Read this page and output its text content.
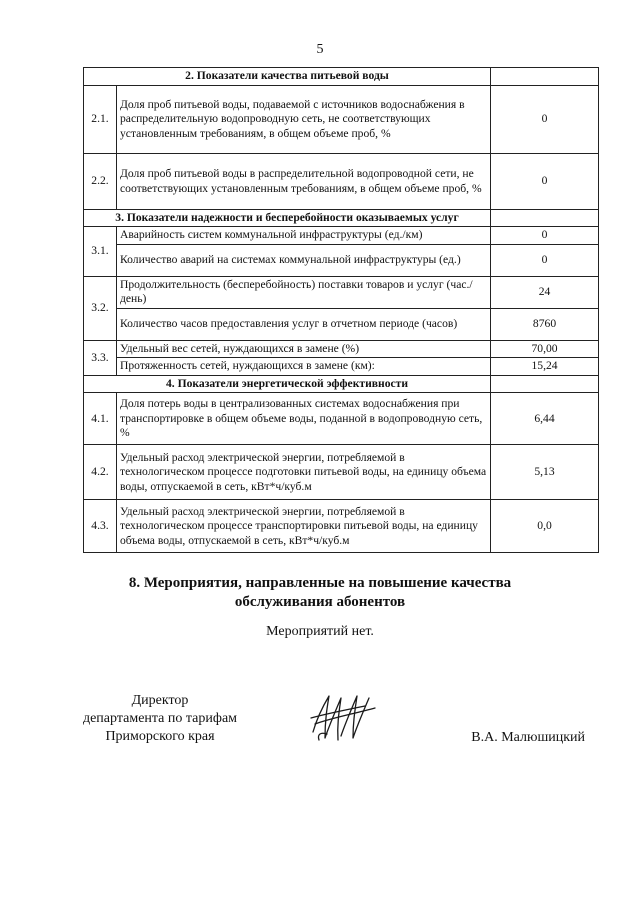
5
2. Показатели качества питьевой воды		
2.1.	Доля проб питьевой воды, подаваемой с источников водоснабжения в распределительную водопроводную сеть, не соответствующих установленным требованиям, в общем объеме проб, %	0
2.2.	Доля проб питьевой воды в распределительной водопроводной сети, не соответствующих установленным требованиям, в общем объеме проб, %	0
3. Показатели надежности и бесперебойности оказываемых услуг		
3.1.	Аварийность систем коммунальной инфраструктуры (ед./км)	0
	Количество аварий на системах коммунальной инфраструктуры (ед.)	0
3.2.	Продолжительность (бесперебойность) поставки товаров и услуг (час./день)	24
	Количество часов предоставления услуг в отчетном периоде (часов)	8760
3.3.	Удельный вес сетей, нуждающихся в замене (%)	70,00
	Протяженность сетей, нуждающихся в замене (км):	15,24
4. Показатели энергетической эффективности		
4.1.	Доля потерь воды в централизованных системах водоснабжения при транспортировке в общем объеме воды, поданной в водопроводную сеть, %	6,44
4.2.	Удельный расход электрической энергии, потребляемой в технологическом процессе подготовки питьевой воды, на единицу объема воды, отпускаемой в сеть, кВт*ч/куб.м	5,13
4.3.	Удельный расход электрической энергии, потребляемой в технологическом процессе транспортировки питьевой воды, на единицу объема воды, отпускаемой в сеть, кВт*ч/куб.м	0,0
8. Мероприятия, направленные на повышение качества
обслуживания абонентов
Мероприятий нет.
Директор
департамента по тарифам
Приморского края	В.А. Малюшицкий
